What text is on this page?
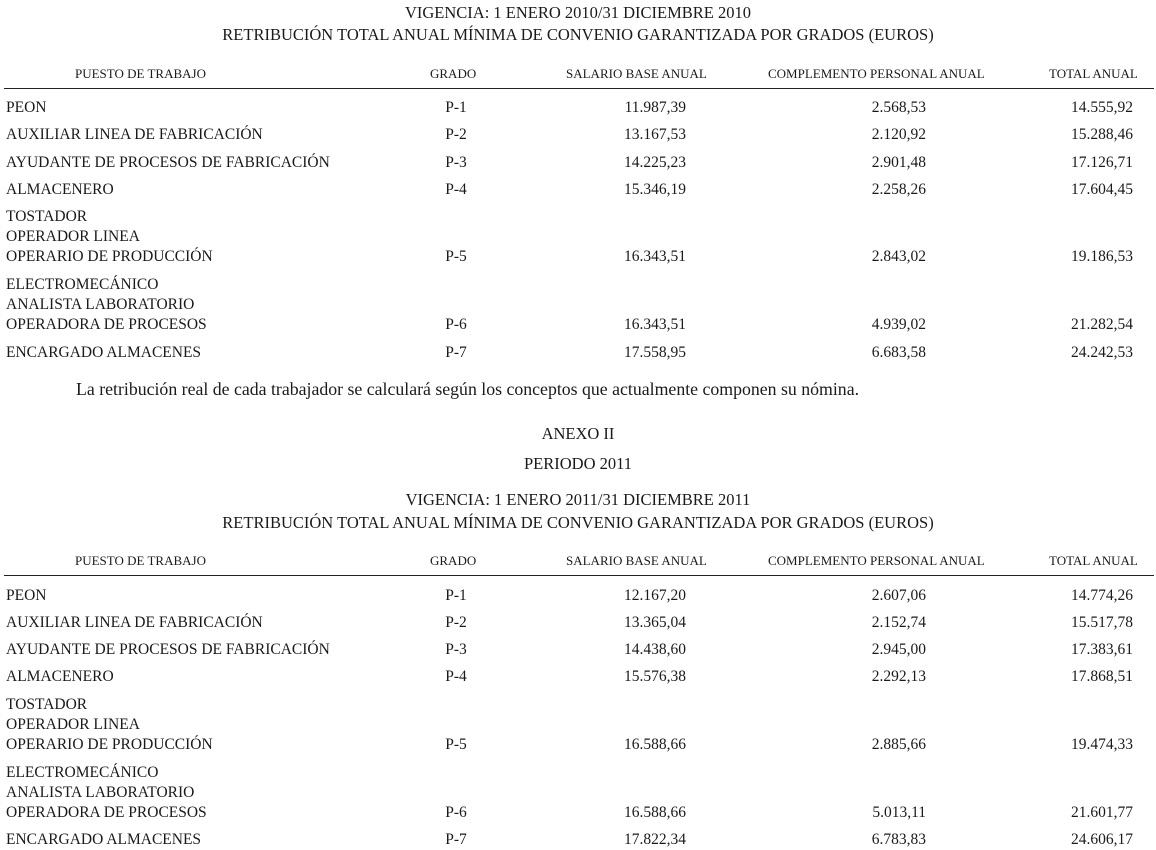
VIGENCIA: 1 ENERO 2010/31 DICIEMBRE 2010
RETRIBUCIÓN TOTAL ANUAL MÍNIMA DE CONVENIO GARANTIZADA POR GRADOS (EUROS)
PUESTO DE TRABAJO	GRADO	SALARIO BASE ANUAL	COMPLEMENTO PERSONAL ANUAL	TOTAL ANUAL
PEON	P-1	11.987,39	2.568,53	14.555,92
AUXILIAR LINEA DE FABRICACIÓN	P-2	13.167,53	2.120,92	15.288,46
AYUDANTE DE PROCESOS DE FABRICACIÓN	P-3	14.225,23	2.901,48	17.126,71
ALMACENERO	P-4	15.346,19	2.258,26	17.604,45
TOSTADOR
OPERADOR LINEA
OPERARIO DE PRODUCCIÓN	P-5	16.343,51	2.843,02	19.186,53
ELECTROMECÁNICO
ANALISTA LABORATORIO
OPERADORA DE PROCESOS	P-6	16.343,51	4.939,02	21.282,54
ENCARGADO ALMACENES	P-7	17.558,95	6.683,58	24.242,53
La retribución real de cada trabajador se calculará según los conceptos que actualmente componen su nómina.
ANEXO II
PERIODO 2011
VIGENCIA: 1 ENERO 2011/31 DICIEMBRE 2011
RETRIBUCIÓN TOTAL ANUAL MÍNIMA DE CONVENIO GARANTIZADA POR GRADOS (EUROS)
PUESTO DE TRABAJO	GRADO	SALARIO BASE ANUAL	COMPLEMENTO PERSONAL ANUAL	TOTAL ANUAL
PEON	P-1	12.167,20	2.607,06	14.774,26
AUXILIAR LINEA DE FABRICACIÓN	P-2	13.365,04	2.152,74	15.517,78
AYUDANTE DE PROCESOS DE FABRICACIÓN	P-3	14.438,60	2.945,00	17.383,61
ALMACENERO	P-4	15.576,38	2.292,13	17.868,51
TOSTADOR
OPERADOR LINEA
OPERARIO DE PRODUCCIÓN	P-5	16.588,66	2.885,66	19.474,33
ELECTROMECÁNICO
ANALISTA LABORATORIO
OPERADORA DE PROCESOS	P-6	16.588,66	5.013,11	21.601,77
ENCARGADO ALMACENES	P-7	17.822,34	6.783,83	24.606,17
